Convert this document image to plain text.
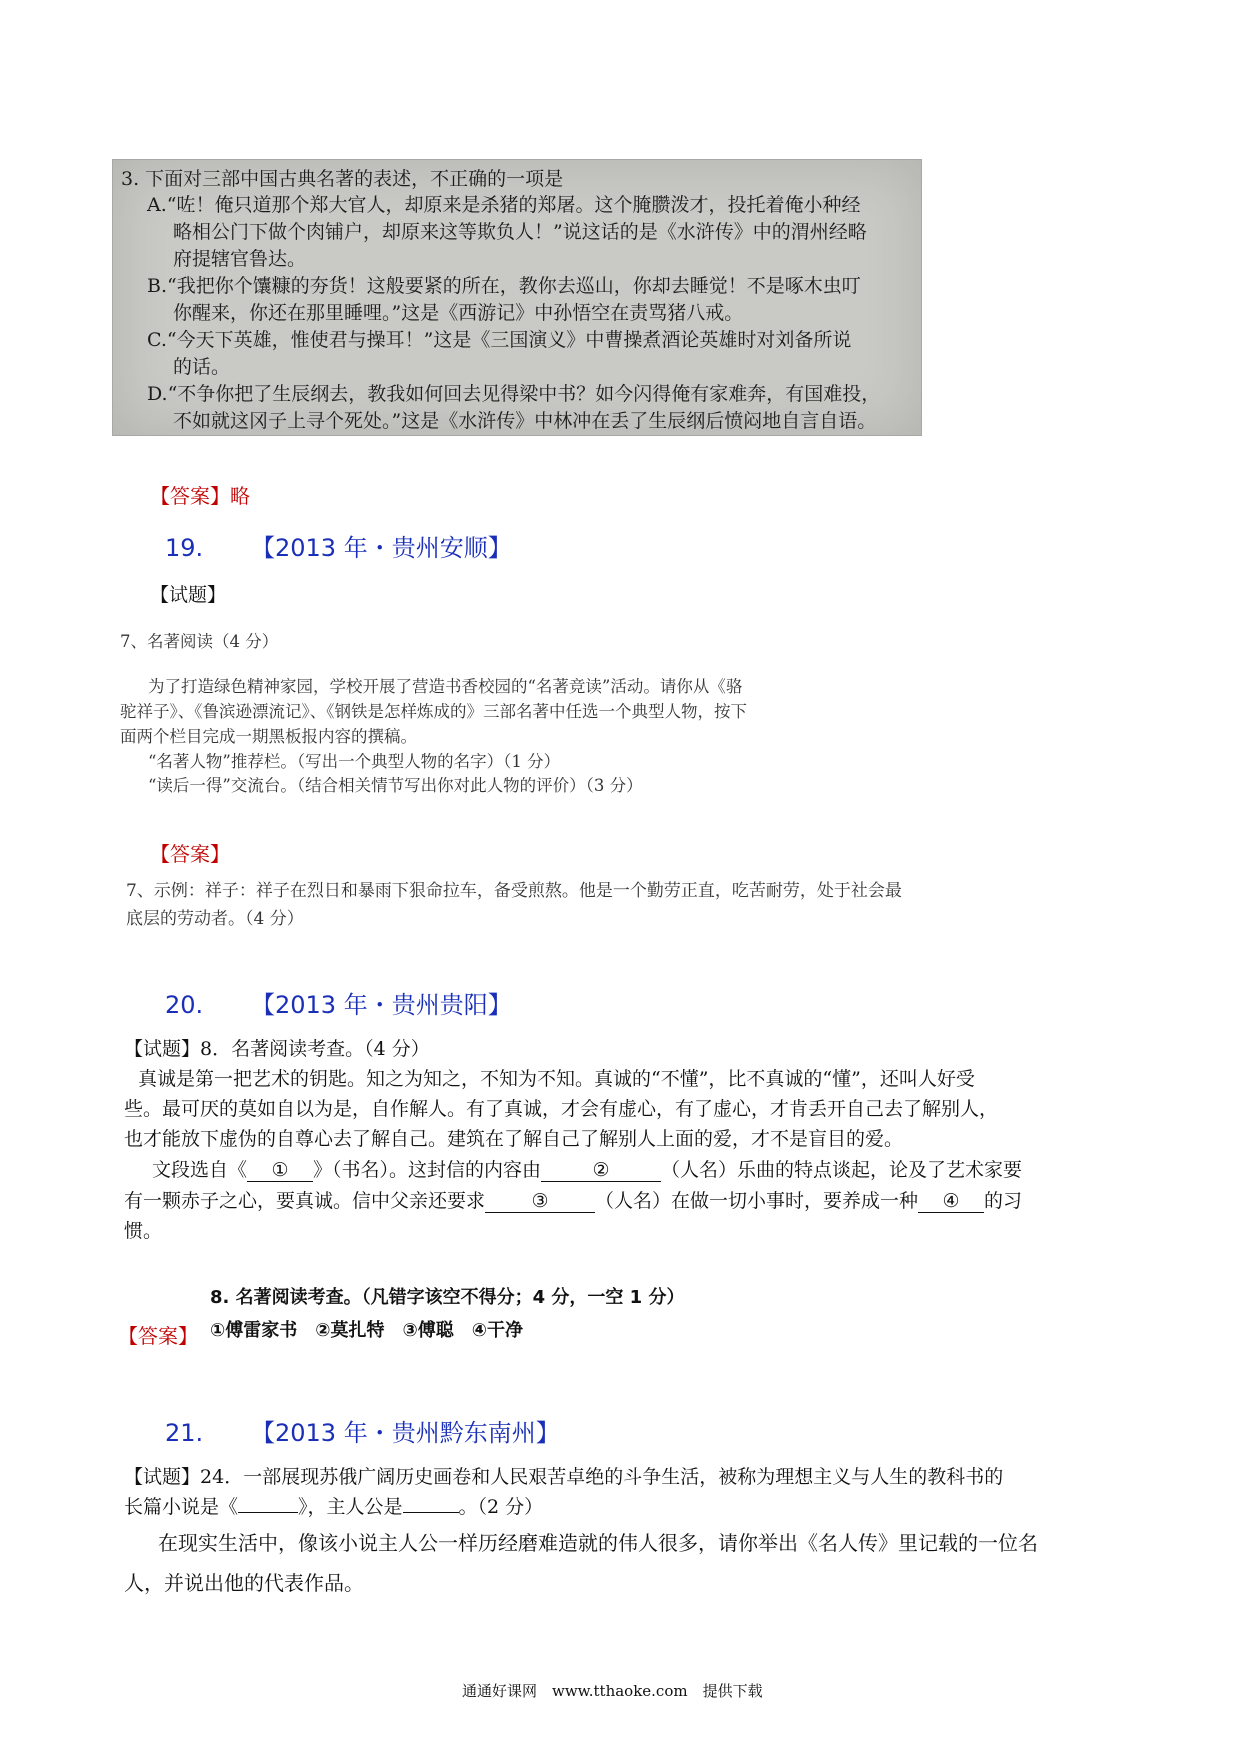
3. 下面对三部中国古典名著的表述，不正确的一项是
A.“咗！俺只道那个郑大官人，却原来是杀猪的郑屠。这个腌臜泼才，投托着俺小种经
略相公门下做个肉铺户，却原来这等欺负人！”说这话的是《水浒传》中的渭州经略
府提辖官鲁达。
B.“我把你个馕糠的夯货！这般要紧的所在，教你去巡山，你却去睡觉！不是啄木虫叮
你醒来，你还在那里睡哩。”这是《西游记》中孙悟空在责骂猪八戒。
C.“今天下英雄，惟使君与操耳！”这是《三国演义》中曹操煮酒论英雄时对刘备所说
的话。
D.“不争你把了生辰纲去，教我如何回去见得梁中书？如今闪得俺有家难奔，有国难投，
不如就这冈子上寻个死处。”这是《水浒传》中林冲在丢了生辰纲后愤闷地自言自语。
【答案】略
19. 【2013 年・贵州安顺】
【试题】
7、名著阅读（4 分）
为了打造绿色精神家园，学校开展了营造书香校园的“名著竞读”活动。请你从《骆
驼祥子》、《鲁滨逊漂流记》、《钢铁是怎样炼成的》三部名著中任选一个典型人物，按下
面两个栏目完成一期黑板报内容的撰稿。
“名著人物”推荐栏。（写出一个典型人物的名字）（1 分）
“读后一得”交流台。（结合相关情节写出你对此人物的评价）（3 分）
【答案】
7、示例：祥子：祥子在烈日和暴雨下狠命拉车，备受煎熬。他是一个勤劳正直，吃苦耐劳，处于社会最
底层的劳动者。（4 分）
20. 【2013 年・贵州贵阳】
【试题】8．名著阅读考查。（4 分）
真诚是第一把艺术的钥匙。知之为知之，不知为不知。真诚的“不懂”，比不真诚的“懂”，还叫人好受
些。最可厌的莫如自以为是，自作解人。有了真诚，才会有虚心，有了虚心，才肯丢开自己去了解别人，
也才能放下虚伪的自尊心去了解自己。建筑在了解自己了解别人上面的爱，才不是盲目的爱。
文段选自《 ① 》（书名）。这封信的内容由	②	（人名）乐曲的特点谈起，论及了艺术家要
有一颗赤子之心，要真诚。信中父亲还要求 ③ （人名）在做一切小事时，要养成一种 ④ 的习
惯。
8. 名著阅读考查。（凡错字该空不得分；4 分，一空 1 分）
【答案】 ①傅雷家书　②莫扎特　③傅聪　④干净
21. 【2013 年・贵州黔东南州】
【试题】24．一部展现苏俄广阔历史画卷和人民艰苦卓绝的斗争生活，被称为理想主义与人生的教科书的
长篇小说是《	》，主人公是	。（2 分）
在现实生活中，像该小说主人公一样历经磨难造就的伟人很多，请你举出《名人传》里记载的一位名
人，并说出他的代表作品。
通通好课网　www.tthaoke.com　提供下载
